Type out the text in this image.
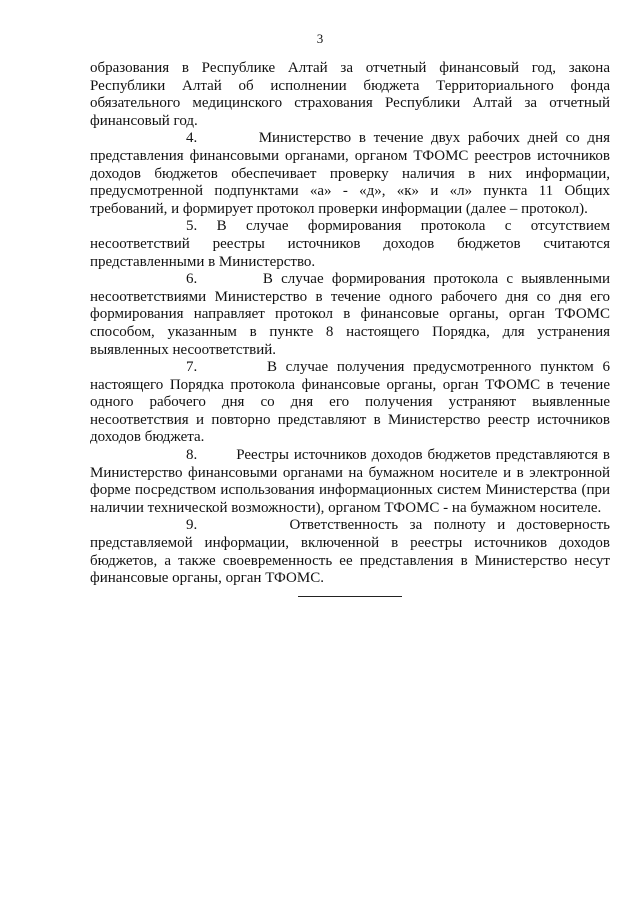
3

образования в Республике Алтай за отчетный финансовый год, закона Республики Алтай об исполнении бюджета Территориального фонда обязательного медицинского страхования Республики Алтай за отчетный финансовый год.

4.	Министерство в течение двух рабочих дней со дня представления финансовыми органами, органом ТФОМС реестров источников доходов бюджетов обеспечивает проверку наличия в них информации, предусмотренной подпунктами «а» - «д», «к» и «л» пункта 11 Общих требований, и формирует протокол проверки информации (далее – протокол).

5. В случае формирования протокола с отсутствием несоответствий реестры источников доходов бюджетов считаются представленными в Министерство.

6.	В случае формирования протокола с выявленными несоответствиями Министерство в течение одного рабочего дня со дня его формирования направляет протокол в финансовые органы, орган ТФОМС способом, указанным в пункте 8 настоящего Порядка, для устранения выявленных несоответствий.

7.	В случае получения предусмотренного пунктом 6 настоящего Порядка протокола финансовые органы, орган ТФОМС в течение одного рабочего дня со дня его получения устраняют выявленные несоответствия и повторно представляют в Министерство реестр источников доходов бюджета.

8.	Реестры источников доходов бюджетов представляются в Министерство финансовыми органами на бумажном носителе и в электронной форме посредством использования информационных систем Министерства (при наличии технической возможности), органом ТФОМС - на бумажном носителе.

9.	Ответственность за полноту и достоверность представляемой информации, включенной в реестры источников доходов бюджетов, а также своевременность ее представления в Министерство несут финансовые органы, орган ТФОМС.
